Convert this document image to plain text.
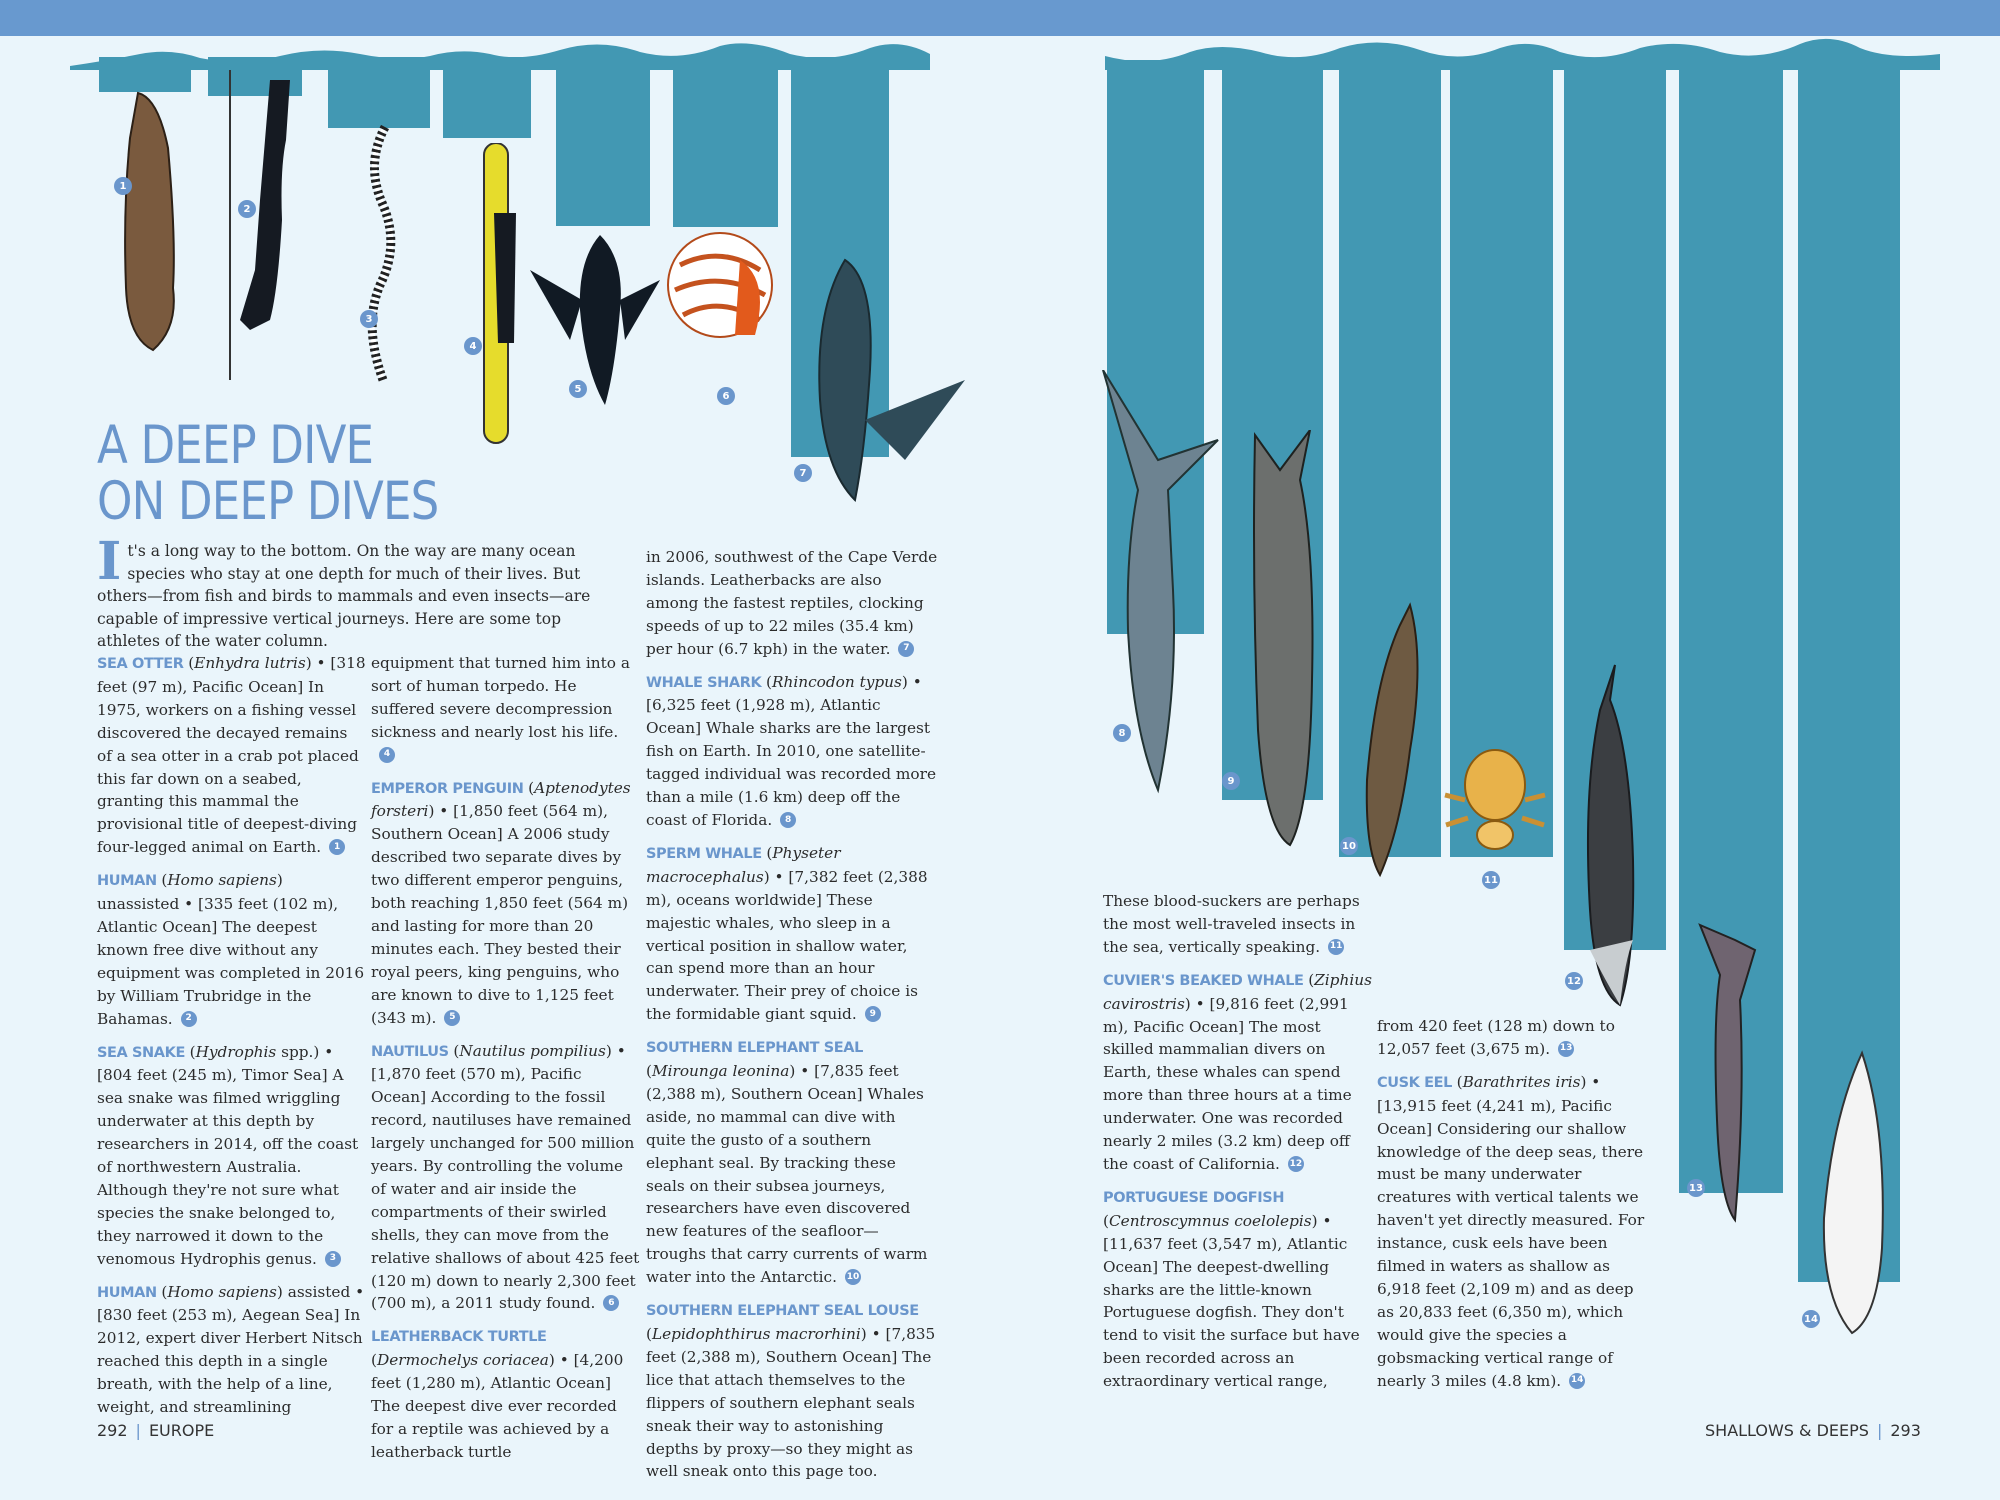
1
2
3
4
5
6
7
8
9
10
11
12
13
14
A DEEP DIVE
ON DEEP DIVES
It's a long way to the bottom. On the way are many ocean species who stay at one depth for much of their lives. But others—from fish and birds to mammals and even insects—are capable of impressive vertical journeys. Here are some top athletes of the water column.
SEA OTTER (Enhydra lutris) • [318 feet (97 m), Pacific Ocean] In 1975, workers on a fishing vessel discovered the decayed remains of a sea otter in a crab pot placed this far down on a seabed, granting this mammal the provisional title of deepest-diving four-legged animal on Earth. 1
HUMAN (Homo sapiens) unassisted • [335 feet (102 m), Atlantic Ocean] The deepest known free dive without any equipment was completed in 2016 by William Trubridge in the Bahamas. 2
SEA SNAKE (Hydrophis spp.) • [804 feet (245 m), Timor Sea] A sea snake was filmed wriggling underwater at this depth by researchers in 2014, off the coast of northwestern Australia. Although they're not sure what species the snake belonged to, they narrowed it down to the venomous Hydrophis genus. 3
HUMAN (Homo sapiens) assisted • [830 feet (253 m), Aegean Sea] In 2012, expert diver Herbert Nitsch reached this depth in a single breath, with the help of a line, weight, and streamlining
equipment that turned him into a sort of human torpedo. He suffered severe decompression sickness and nearly lost his life.4
EMPEROR PENGUIN (Aptenodytes forsteri) • [1,850 feet (564 m), Southern Ocean] A 2006 study described two separate dives by two different emperor penguins, both reaching 1,850 feet (564 m) and lasting for more than 20 minutes each. They bested their royal peers, king penguins, who are known to dive to 1,125 feet (343 m). 5
NAUTILUS (Nautilus pompilius) • [1,870 feet (570 m), Pacific Ocean] According to the fossil record, nautiluses have remained largely unchanged for 500 million years. By controlling the volume of water and air inside the compartments of their swirled shells, they can move from the relative shallows of about 425 feet (120 m) down to nearly 2,300 feet (700 m), a 2011 study found. 6
LEATHERBACK TURTLE (Dermochelys coriacea) • [4,200 feet (1,280 m), Atlantic Ocean] The deepest dive ever recorded for a reptile was achieved by a leatherback turtle
in 2006, southwest of the Cape Verde islands. Leatherbacks are also among the fastest reptiles, clocking speeds of up to 22 miles (35.4 km) per hour (6.7 kph) in the water. 7
WHALE SHARK (Rhincodon typus) • [6,325 feet (1,928 m), Atlantic Ocean] Whale sharks are the largest fish on Earth. In 2010, one satellite-tagged individual was recorded more than a mile (1.6 km) deep off the coast of Florida. 8
SPERM WHALE (Physeter macrocephalus) • [7,382 feet (2,388 m), oceans worldwide] These majestic whales, who sleep in a vertical position in shallow water, can spend more than an hour underwater. Their prey of choice is the formidable giant squid. 9
SOUTHERN ELEPHANT SEAL (Mirounga leonina) • [7,835 feet (2,388 m), Southern Ocean] Whales aside, no mammal can dive with quite the gusto of a southern elephant seal. By tracking these seals on their subsea journeys, researchers have even discovered new features of the seafloor—troughs that carry currents of warm water into the Antarctic. 10
SOUTHERN ELEPHANT SEAL LOUSE (Lepidophthirus macrorhini) • [7,835 feet (2,388 m), Southern Ocean] The lice that attach themselves to the flippers of southern elephant seals sneak their way to astonishing depths by proxy—so they might as well sneak onto this page too.
These blood-suckers are perhaps the most well-traveled insects in the sea, vertically speaking. 11
CUVIER'S BEAKED WHALE (Ziphius cavirostris) • [9,816 feet (2,991 m), Pacific Ocean] The most skilled mammalian divers on Earth, these whales can spend more than three hours at a time underwater. One was recorded nearly 2 miles (3.2 km) deep off the coast of California. 12
PORTUGUESE DOGFISH (Centroscymnus coelolepis) • [11,637 feet (3,547 m), Atlantic Ocean] The deepest-dwelling sharks are the little-known Portuguese dogfish. They don't tend to visit the surface but have been recorded across an extraordinary vertical range,
from 420 feet (128 m) down to 12,057 feet (3,675 m). 13
CUSK EEL (Barathrites iris) • [13,915 feet (4,241 m), Pacific Ocean] Considering our shallow knowledge of the deep seas, there must be many underwater creatures with vertical talents we haven't yet directly measured. For instance, cusk eels have been filmed in waters as shallow as 6,918 feet (2,109 m) and as deep as 20,833 feet (6,350 m), which would give the species a gobsmacking vertical range of nearly 3 miles (4.8 km). 14
292 | EUROPE	SHALLOWS & DEEPS | 293
